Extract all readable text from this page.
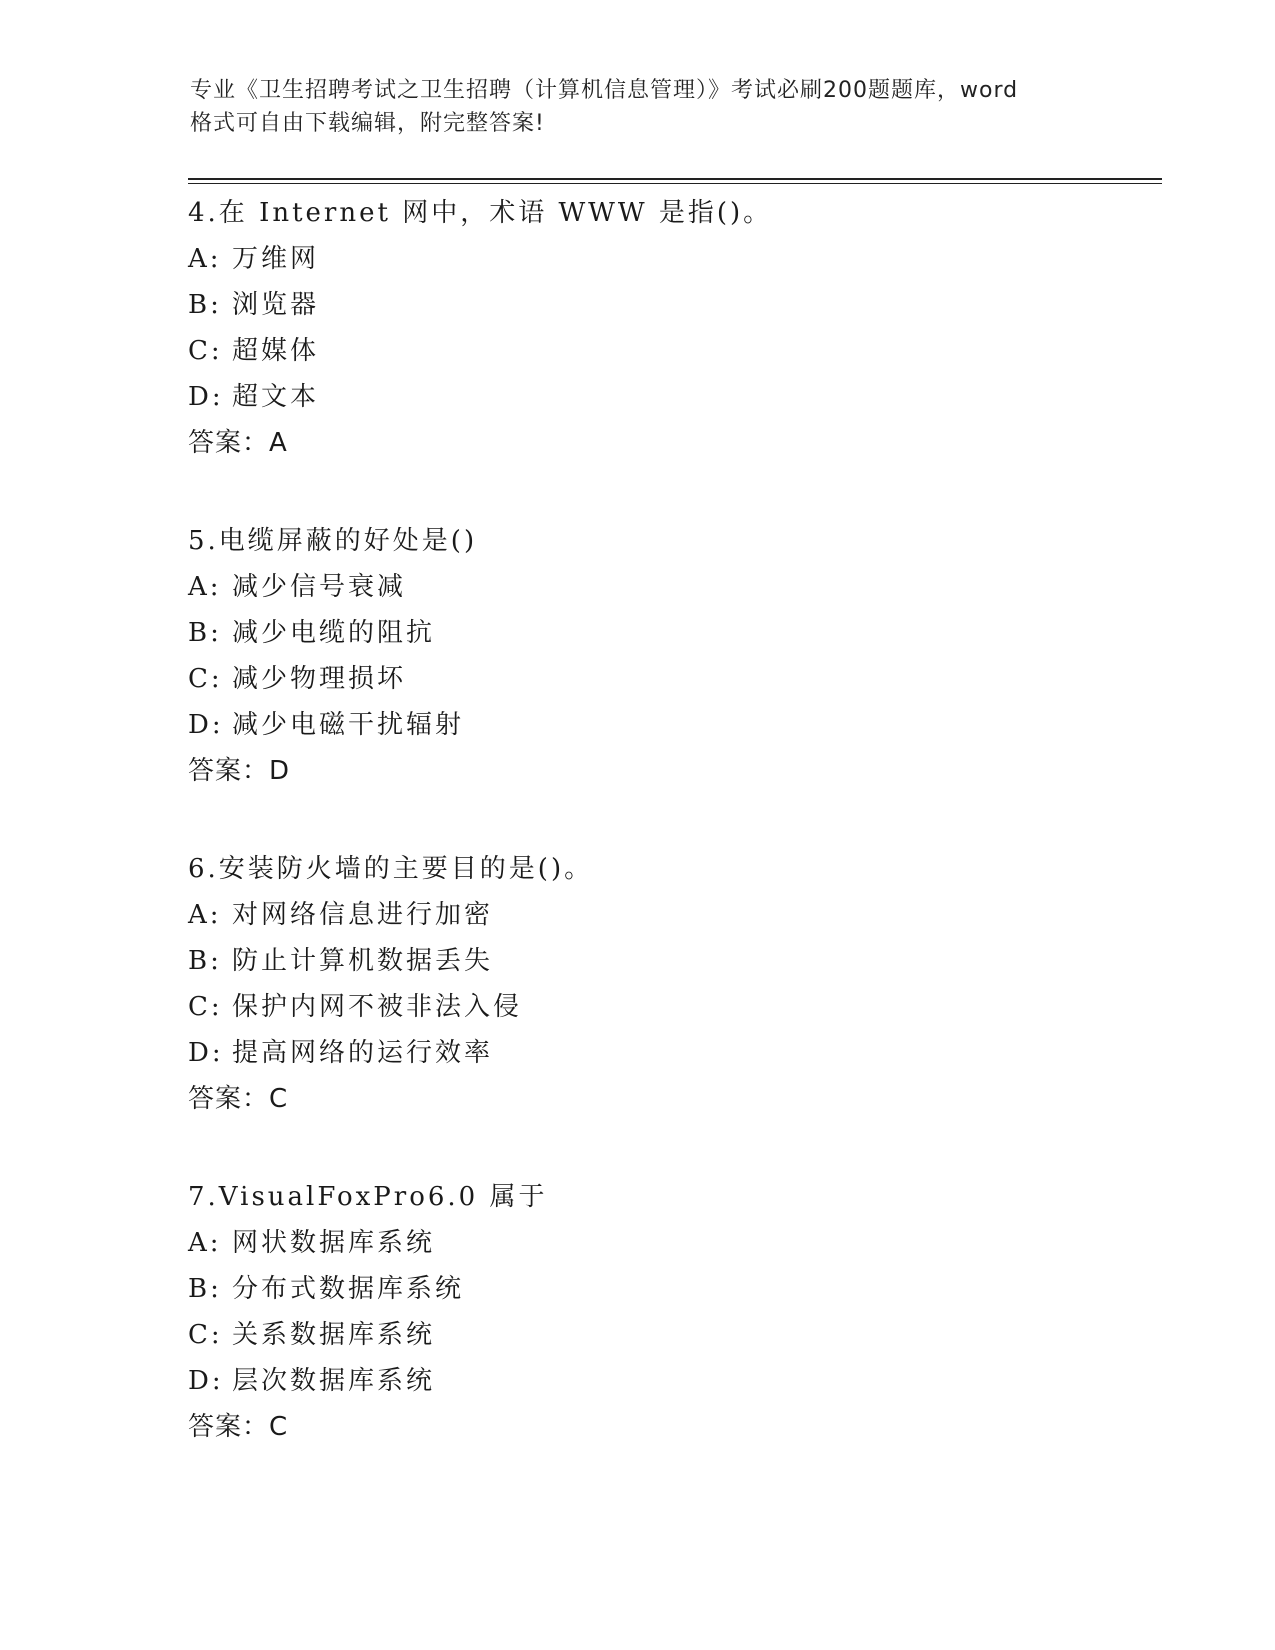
专业《卫生招聘考试之卫生招聘（计算机信息管理）》考试必刷200题题库，word
格式可自由下载编辑，附完整答案!
4.在 Internet 网中，术语 WWW 是指()。
A: 万维网
B: 浏览器
C: 超媒体
D: 超文本
答案：A
5.电缆屏蔽的好处是()
A: 减少信号衰减
B: 减少电缆的阻抗
C: 减少物理损坏
D: 减少电磁干扰辐射
答案：D
6.安装防火墙的主要目的是()。
A: 对网络信息进行加密
B: 防止计算机数据丢失
C: 保护内网不被非法入侵
D: 提高网络的运行效率
答案：C
7.VisualFoxPro6.0 属于
A: 网状数据库系统
B: 分布式数据库系统
C: 关系数据库系统
D: 层次数据库系统
答案：C
